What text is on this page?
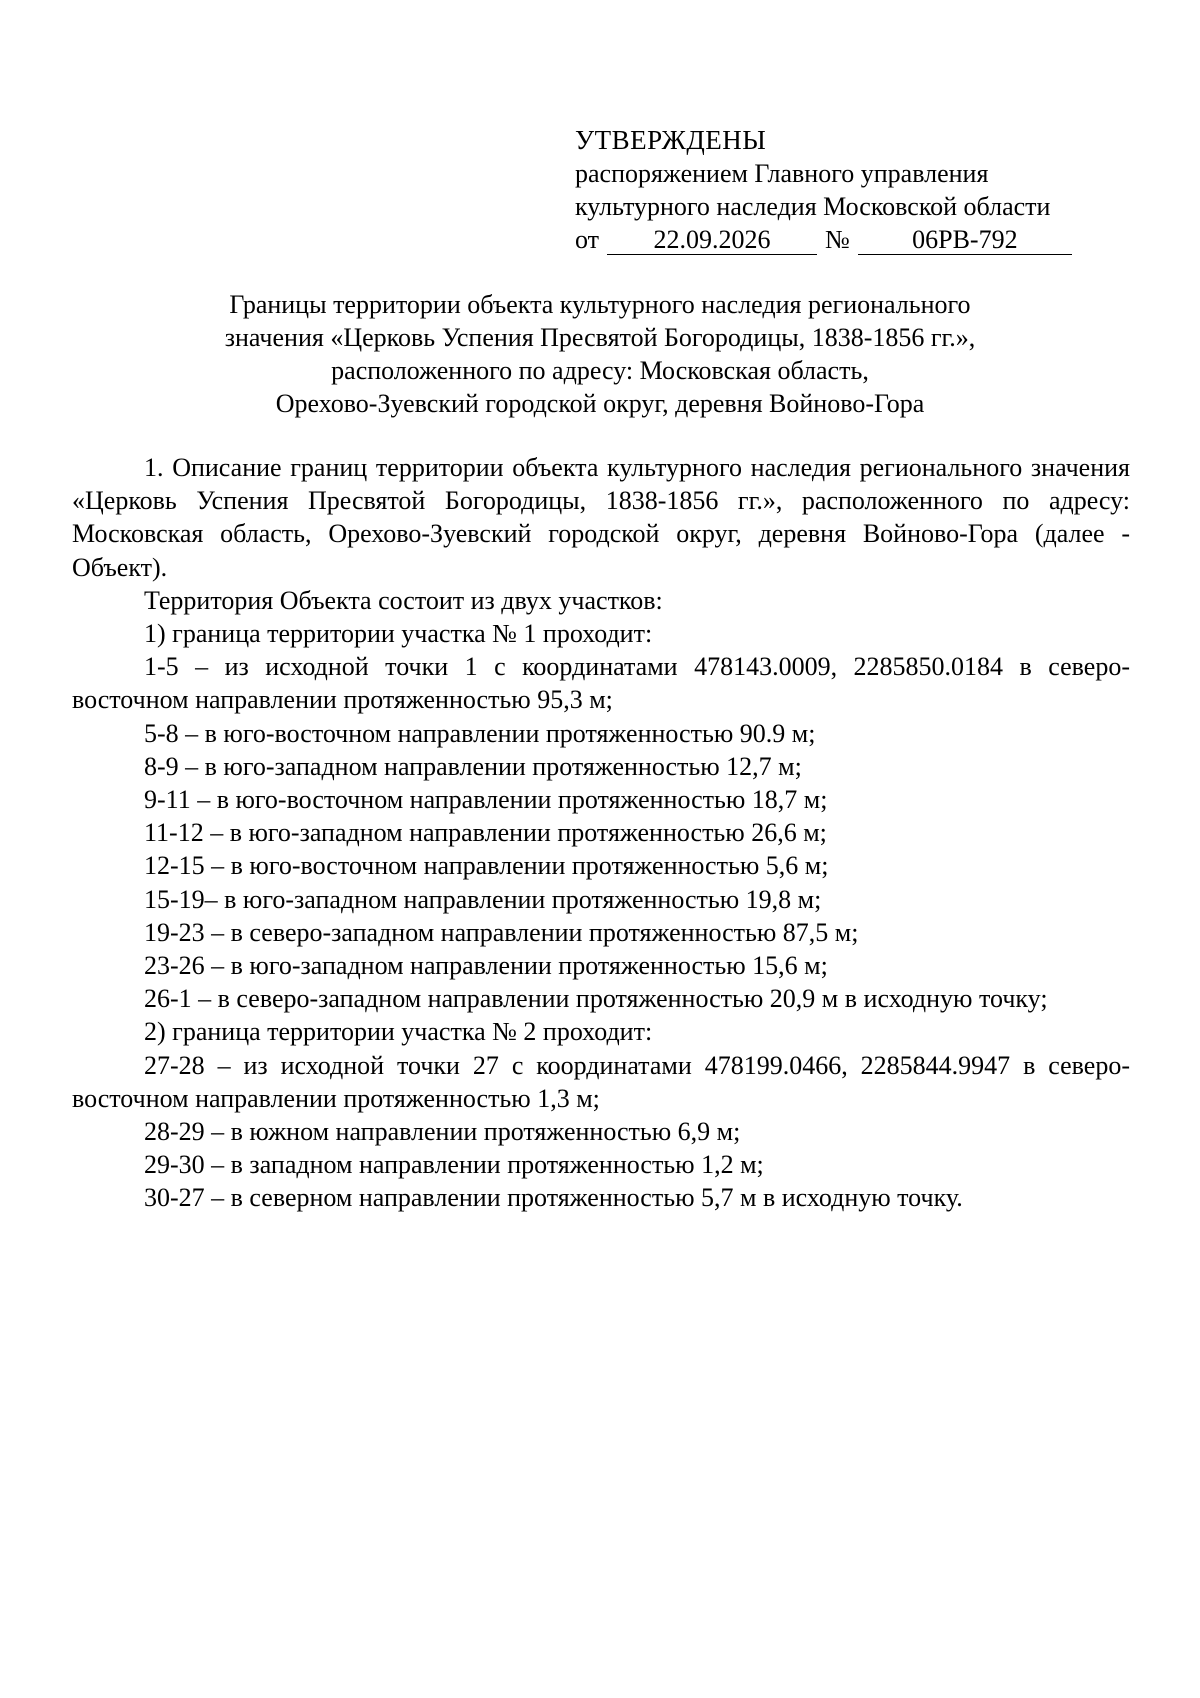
УТВЕРЖДЕНЫ
распоряжением Главного управления
культурного наследия Московской области
от	22.09.2026	№	06РВ-792
Границы территории объекта культурного наследия регионального
значения «Церковь Успения Пресвятой Богородицы, 1838-1856 гг.»,
расположенного по адресу: Московская область,
Орехово-Зуевский городской округ, деревня Войново-Гора

1. Описание границ территории объекта культурного наследия регионального значения «Церковь Успения Пресвятой Богородицы, 1838-1856 гг.», расположенного по адресу: Московская область, Орехово-Зуевский городской округ, деревня Войново-Гора (далее - Объект).

Территория Объекта состоит из двух участков:

1) граница территории участка № 1 проходит:

1-5 – из исходной точки 1 с координатами 478143.0009, 2285850.0184 в северо-восточном направлении протяженностью 95,3 м;

5-8 – в юго-восточном направлении протяженностью 90.9 м;

8-9 – в юго-западном направлении протяженностью 12,7 м;

9-11 – в юго-восточном направлении протяженностью 18,7 м;

11-12 – в юго-западном направлении протяженностью 26,6 м;

12-15 – в юго-восточном направлении протяженностью 5,6 м;

15-19– в юго-западном направлении протяженностью 19,8 м;

19-23 – в северо-западном направлении протяженностью 87,5 м;

23-26 – в юго-западном направлении протяженностью 15,6 м;

26-1 – в северо-западном направлении протяженностью 20,9 м в исходную точку;

2) граница территории участка № 2 проходит:

27-28 – из исходной точки 27 с координатами 478199.0466, 2285844.9947 в северо-восточном направлении протяженностью 1,3 м;

28-29 – в южном направлении протяженностью 6,9 м;

29-30 – в западном направлении протяженностью 1,2 м;

30-27 – в северном направлении протяженностью 5,7 м в исходную точку.
